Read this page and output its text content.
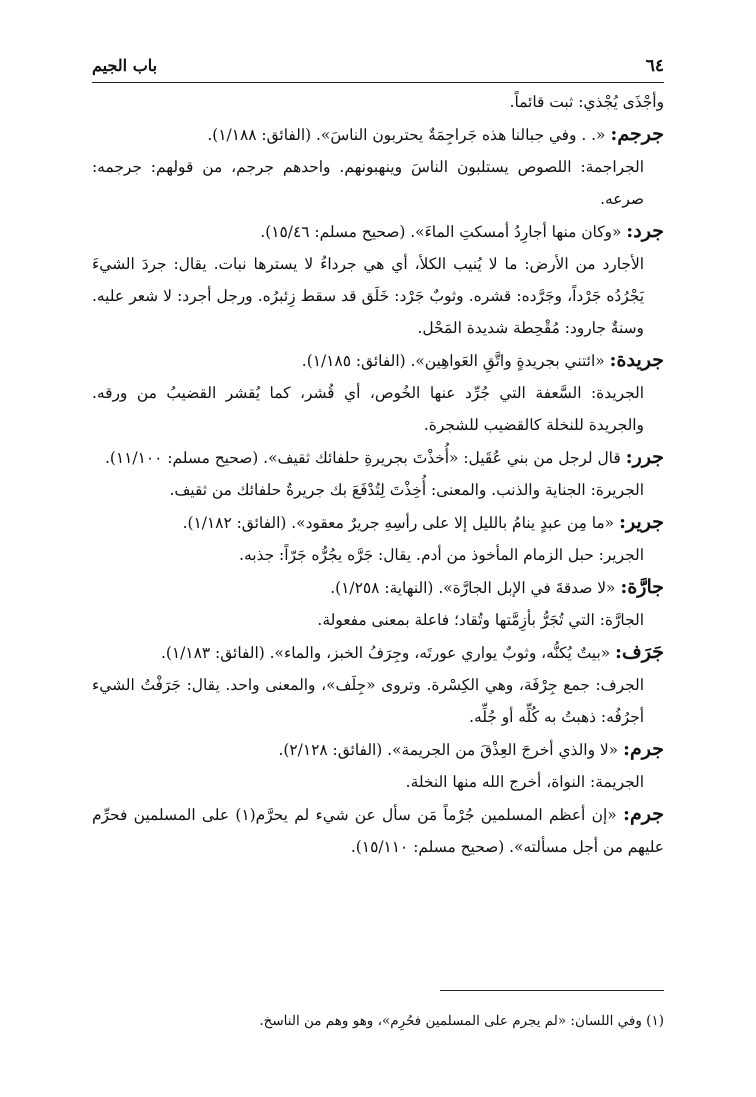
٦٤
باب الجيم

وأجْذَى يُجْذي: ثبت قائماً.

جرجم: «. . وفي جبالنا هذه جَراجِمَةٌ يحتربون الناسَ». (الفائق: ١/١٨٨).

الجراجمة: اللصوص يستلبون الناسَ وينهبونهم. واحدهم جرجم، من قولهم: جرجمه: صرعه.

جرد: «وكان منها أجارِدُ أمسكتِ الماءَ». (صحيح مسلم: ١٥/٤٦).

الأجارد من الأرض: ما لا يُنيب الكلأ، أي هي جرداءُ لا يسترها نبات. يقال: جردَ الشيءَ يَجْرُدُه جَرْداً، وجَرَّده: قشره. وثوبٌ جَرْد: خَلَق قد سقط زِئبرُه. ورجل أجرد: لا شعر عليه. وسنةٌ جارود: مُقْحِطة شديدة المَحْل.

جريدة: «ائتني بجريدةٍ واتَّقِ العَواهِين». (الفائق: ١/١٨٥).

الجريدة: السَّعفة التي جُرِّد عنها الخُوص، أي قُشر، كما يُقشر القضيبُ من ورقه. والجريدة للنخلة كالقضيب للشجرة.

جرر: قال لرجل من بني عُقَيل: «أُخذْتَ بجريرةِ حلفائك ثقيف». (صحيح مسلم: ١١/١٠٠).

الجريرة: الجناية والذنب. والمعنى: أُخِذْتَ لِتُدْفَعَ بك جريرةُ حلفائك من ثقيف.

جرير: «ما مِن عبدٍ ينامُ بالليل إلا على رأسِهِ جريرٌ معقود». (الفائق: ١/١٨٢).

الجرير: حبل الزمام المأخوذ من أدم. يقال: جَرَّه يجُرُّه جَرّاً: جذبه.

جارَّة: «لا صدقةَ في الإبل الجارَّة». (النهاية: ١/٢٥٨).

الجارَّة: التي تُجَرُّ بأزِمَّتها وتُقاد؛ فاعلة بمعنى مفعولة.

جَرَف: «بيتٌ يُكنُّه، وثوبٌ يواري عورتَه، وجِرَفُ الخبز، والماء». (الفائق: ١/١٨٣).

الجرف: جمع جِرْفَة، وهي الكِسْرة. وتروى «جِلَف»، والمعنى واحد. يقال: جَرَفْتُ الشيء أجرُفُه: ذهبتُ به كُلِّه أو جُلِّه.

جرم: «لا والذي أخرجَ العِذْقَ من الجريمة». (الفائق: ٢/١٢٨).

الجريمة: النواة، أخرج الله منها النخلة.

جرم: «إن أعظم المسلمين جُرْماً مَن سأل عن شيء لم يحرَّم(١) على المسلمين فحرِّم عليهم من أجل مسألته». (صحيح مسلم: ١٥/١١٠).

(١) وفي اللسان: «لم يجرم على المسلمين فحُرِم»، وهو وهم من الناسخ.
